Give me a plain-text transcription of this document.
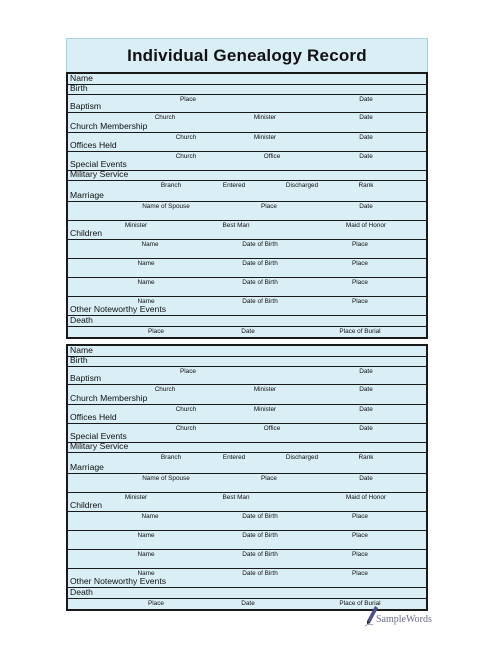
Individual Genealogy Record
Name
Birth
Place	Date
Baptism
Church	Minister	Date
Church Membership
Church	Minister	Date
Offices Held
Church	Office	Date
Special Events
Military Service
Branch	Entered	Discharged	Rank
Marriage
Name of Spouse	Place	Date
Minister	Best Man	Maid of Honor
Children
Name	Date of Birth	Place
Name	Date of Birth	Place
Name	Date of Birth	Place
Name	Date of Birth	Place
Other Noteworthy Events
Death
Place	Date	Place of Burial
Name
Birth
Place	Date
Baptism
Church	Minister	Date
Church Membership
Church	Minister	Date
Offices Held
Church	Office	Date
Special Events
Military Service
Branch	Entered	Discharged	Rank
Marriage
Name of Spouse	Place	Date
Minister	Best Man	Maid of Honor
Children
Name	Date of Birth	Place
Name	Date of Birth	Place
Name	Date of Birth	Place
Name	Date of Birth	Place
Other Noteworthy Events
Death
Place	Date	Place of Burial
SampleWords
